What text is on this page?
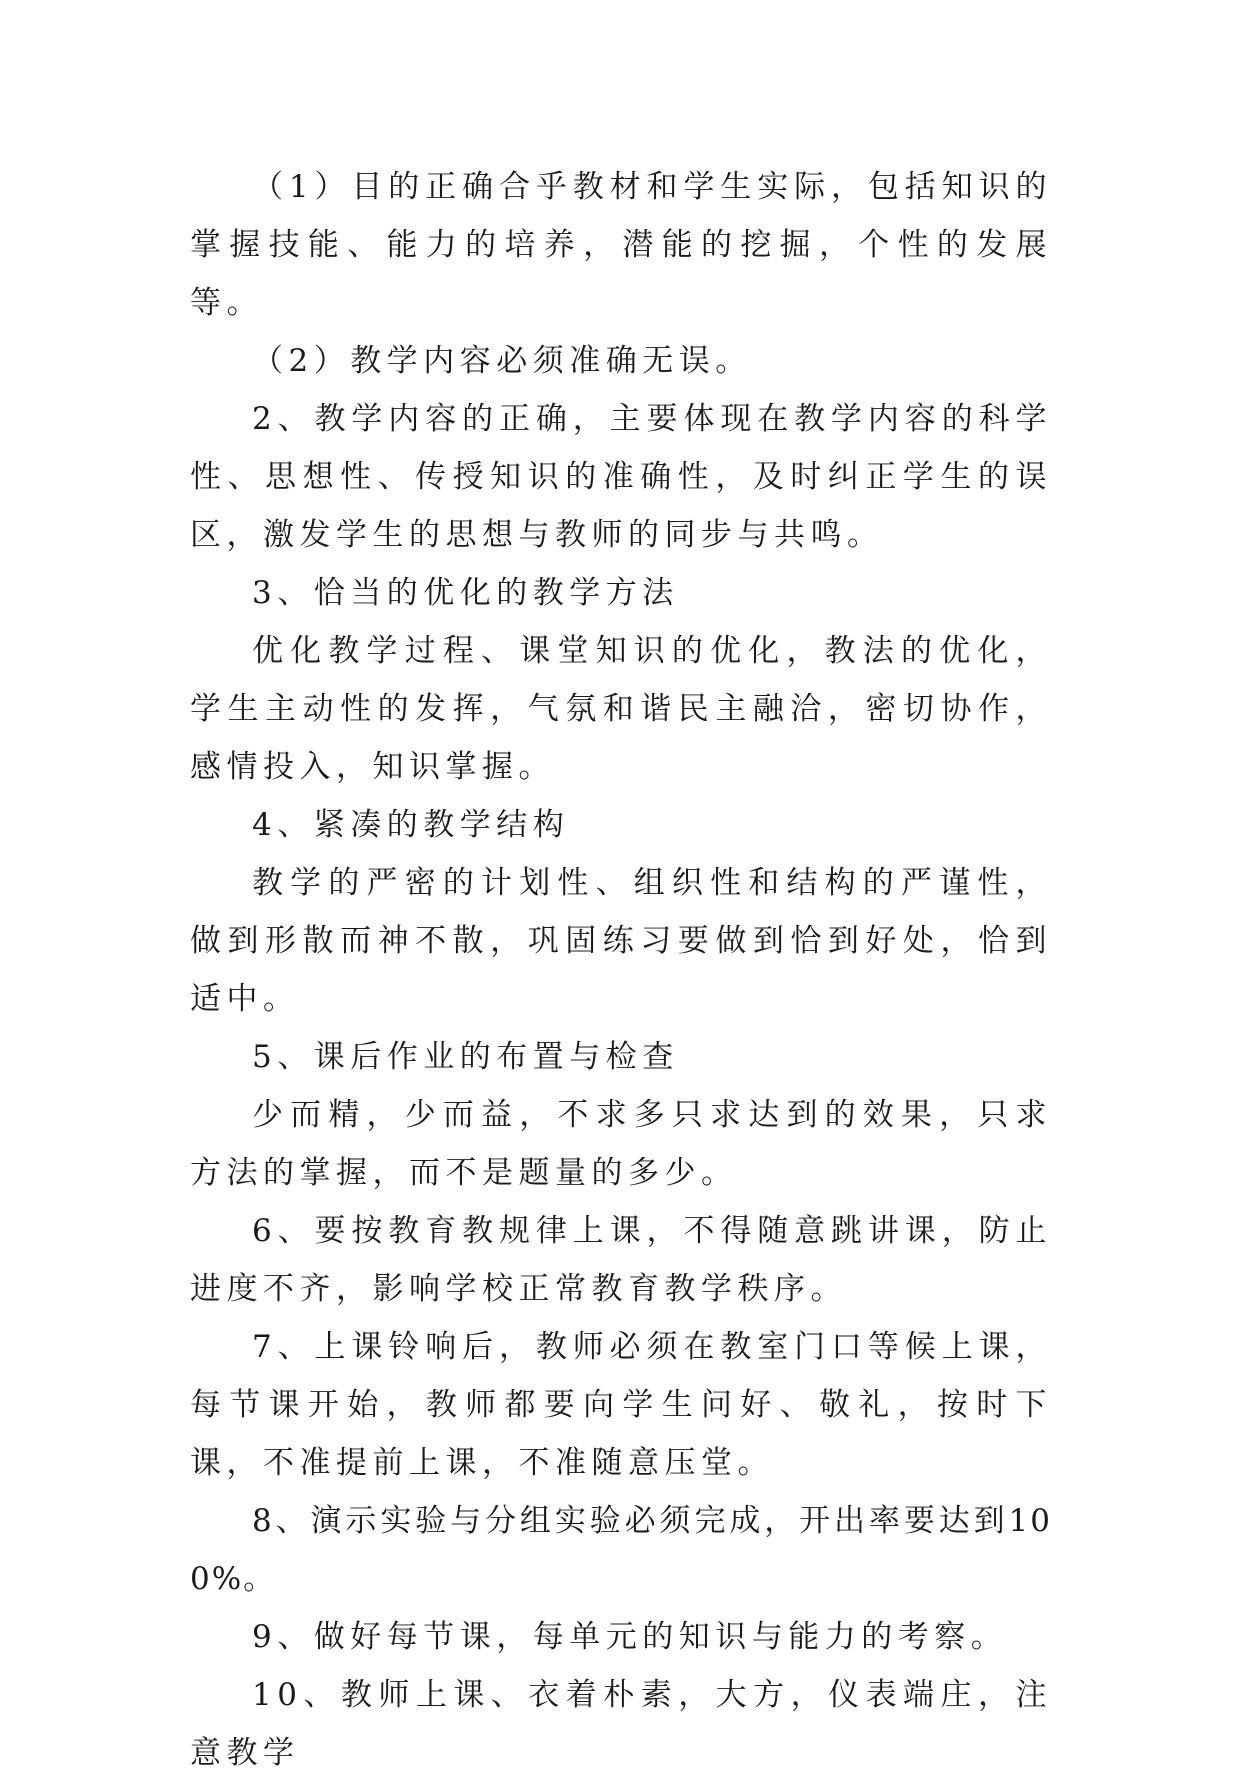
（1）目的正确合乎教材和学生实际，包括知识的掌握技能、能力的培养，潜能的挖掘，个性的发展等。

（2）教学内容必须准确无误。

2、教学内容的正确，主要体现在教学内容的科学性、思想性、传授知识的准确性，及时纠正学生的误区，激发学生的思想与教师的同步与共鸣。

3、恰当的优化的教学方法

优化教学过程、课堂知识的优化，教法的优化，学生主动性的发挥，气氛和谐民主融洽，密切协作，感情投入，知识掌握。

4、紧凑的教学结构

教学的严密的计划性、组织性和结构的严谨性，做到形散而神不散，巩固练习要做到恰到好处，恰到适中。

5、课后作业的布置与检查

少而精，少而益，不求多只求达到的效果，只求方法的掌握，而不是题量的多少。

6、要按教育教规律上课，不得随意跳讲课，防止进度不齐，影响学校正常教育教学秩序。

7、上课铃响后，教师必须在教室门口等候上课，每节课开始，教师都要向学生问好、敬礼，按时下课，不准提前上课，不准随意压堂。

8、演示实验与分组实验必须完成，开出率要达到100%。

9、做好每节课，每单元的知识与能力的考察。

10、教师上课、衣着朴素，大方，仪表端庄，注意教学
